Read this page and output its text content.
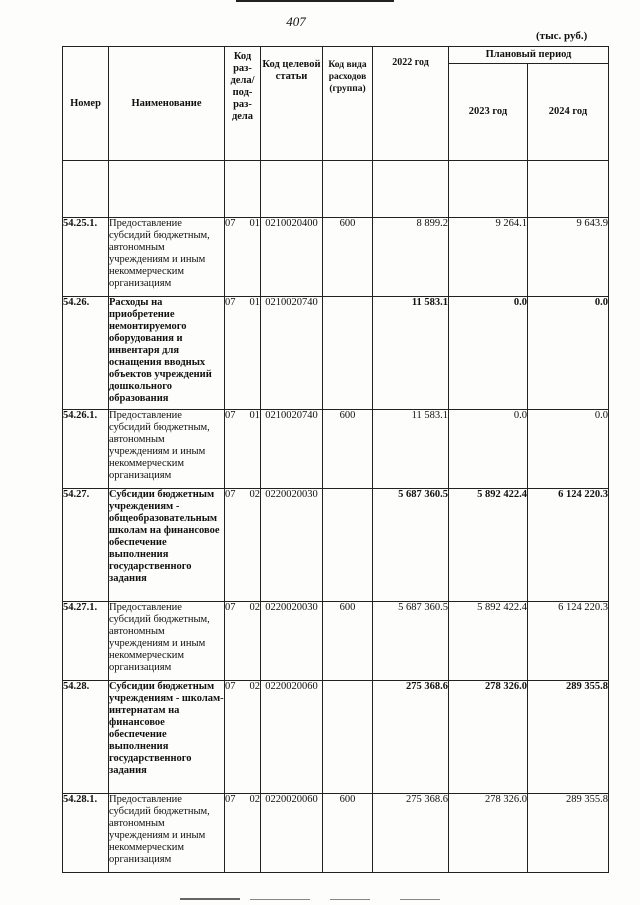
407
(тыс. руб.)
Номер	Наименование	Код раз- дела/ под- раз- дела	Код целевой статьи	Код вида расходов (группа)	2022 год	Плановый период	
						2023 год	2024 год

54.25.1.	Предоставление субсидий бюджетным, автономным учреждениям и иным некоммерческим организациям	07 01	0210020400	600	8 899.2	9 264.1	9 643.9
54.26.	Расходы на приобретение немонтируемого оборудования и инвентаря для оснащения вводных объектов учреждений дошкольного образования	07 01	0210020740		11 583.1	0.0	0.0
54.26.1.	Предоставление субсидий бюджетным, автономным учреждениям и иным некоммерческим организациям	07 01	0210020740	600	11 583.1	0.0	0.0
54.27.	Субсидии бюджетным учреждениям - общеобразовательным школам на финансовое обеспечение выполнения государственного задания	07 02	0220020030		5 687 360.5	5 892 422.4	6 124 220.3
54.27.1.	Предоставление субсидий бюджетным, автономным учреждениям и иным некоммерческим организациям	07 02	0220020030	600	5 687 360.5	5 892 422.4	6 124 220.3
54.28.	Субсидии бюджетным учреждениям - школам-интернатам на финансовое обеспечение выполнения государственного задания	07 02	0220020060		275 368.6	278 326.0	289 355.8
54.28.1.	Предоставление субсидий бюджетным, автономным учреждениям и иным некоммерческим организациям	07 02	0220020060	600	275 368.6	278 326.0	289 355.8
